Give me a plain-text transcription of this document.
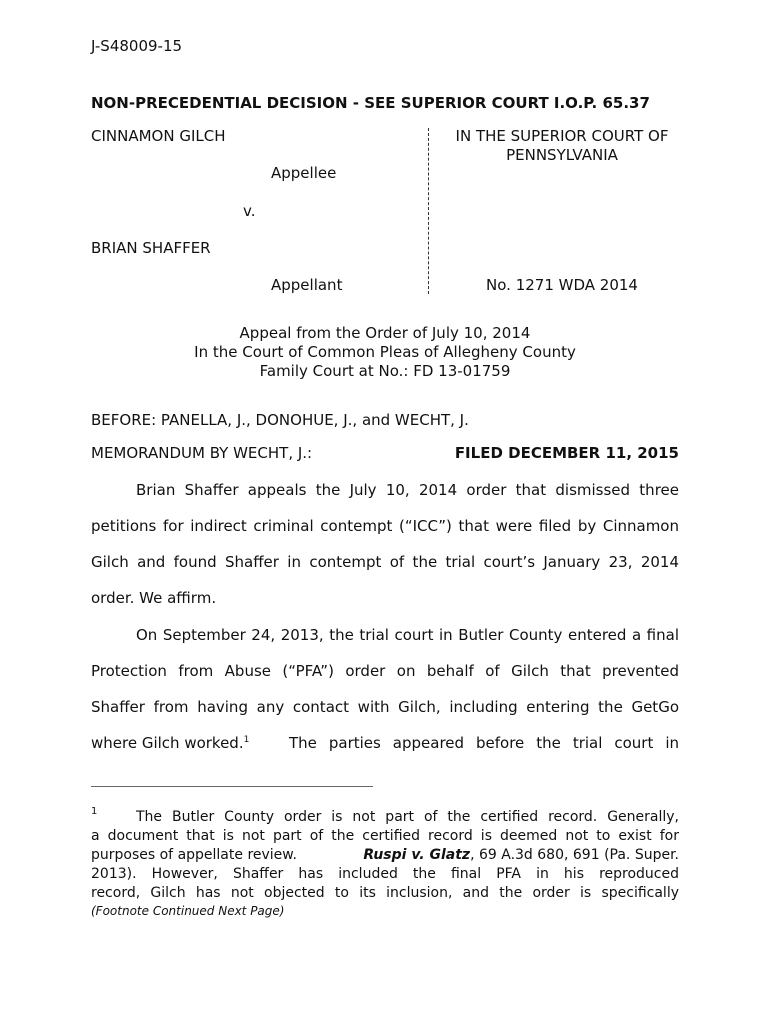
J-S48009-15
NON-PRECEDENTIAL DECISION - SEE SUPERIOR COURT I.O.P. 65.37
CINNAMON GILCH
Appellee
v.
BRIAN SHAFFER
Appellant
IN THE SUPERIOR COURT OF
PENNSYLVANIA
No. 1271 WDA 2014
Appeal from the Order of July 10, 2014
In the Court of Common Pleas of Allegheny County
Family Court at No.: FD 13-01759
BEFORE: PANELLA, J., DONOHUE, J., and WECHT, J.
MEMORANDUM BY WECHT, J.:	FILED DECEMBER 11, 2015
Brian Shaffer appeals the July 10, 2014 order that dismissed three
petitions for indirect criminal contempt (“ICC”) that were filed by Cinnamon
Gilch and found Shaffer in contempt of the trial court’s January 23, 2014
order. We affirm.
On September 24, 2013, the trial court in Butler County entered a final
Protection from Abuse (“PFA”) order on behalf of Gilch that prevented
Shaffer from having any contact with Gilch, including entering the GetGo
where Gilch worked.$^1$	The parties appeared before the trial court in
1	The Butler County order is not part of the certified record. Generally,
a document that is not part of the certified record is deemed not to exist for
purposes of appellate review.	Ruspi v. Glatz, 69 A.3d 680, 691 (Pa. Super.
2013). However, Shaffer has included the final PFA in his reproduced
record, Gilch has not objected to its inclusion, and the order is specifically
(Footnote Continued Next Page)
